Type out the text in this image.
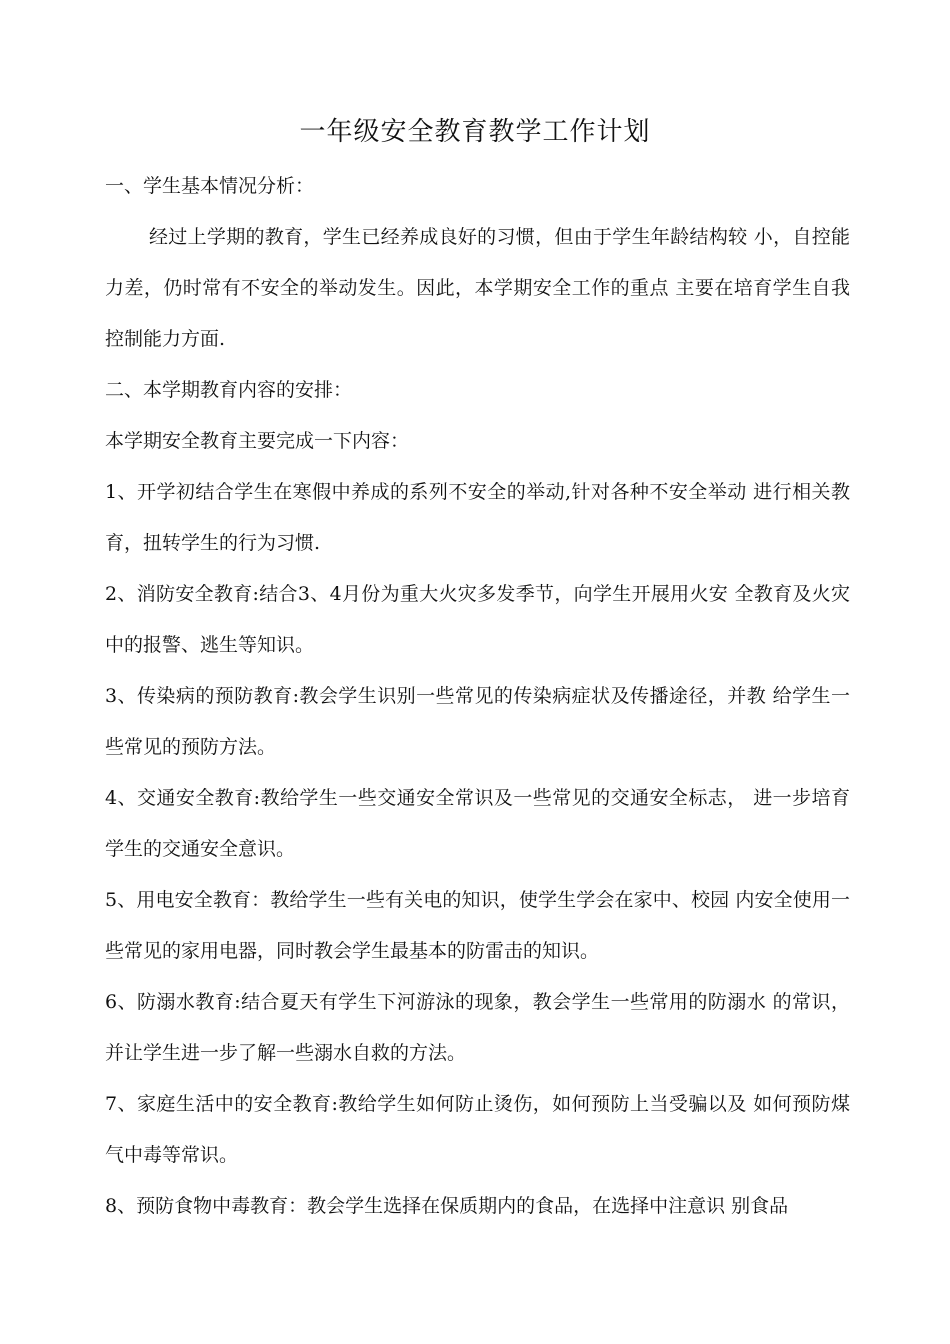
一年级安全教育教学工作计划

一、学生基本情况分析：

经过上学期的教育，学生已经养成良好的习惯，但由于学生年龄结构较 小，自控能力差，仍时常有不安全的举动发生。因此，本学期安全工作的重点 主要在培育学生自我控制能力方面.

二、本学期教育内容的安排：

本学期安全教育主要完成一下内容：

1、开学初结合学生在寒假中养成的系列不安全的举动,针对各种不安全举动 进行相关教育，扭转学生的行为习惯.

2、消防安全教育:结合3、4月份为重大火灾多发季节，向学生开展用火安 全教育及火灾中的报警、逃生等知识。

3、传染病的预防教育:教会学生识别一些常见的传染病症状及传播途径，并教 给学生一些常见的预防方法。

4、交通安全教育:教给学生一些交通安全常识及一些常见的交通安全标志， 进一步培育学生的交通安全意识。

5、用电安全教育：教给学生一些有关电的知识，使学生学会在家中、校园 内安全使用一些常见的家用电器，同时教会学生最基本的防雷击的知识。

6、防溺水教育:结合夏天有学生下河游泳的现象，教会学生一些常用的防溺水 的常识，并让学生进一步了解一些溺水自救的方法。

7、家庭生活中的安全教育:教给学生如何防止烫伤，如何预防上当受骗以及 如何预防煤气中毒等常识。

8、预防食物中毒教育：教会学生选择在保质期内的食品，在选择中注意识 别食品
